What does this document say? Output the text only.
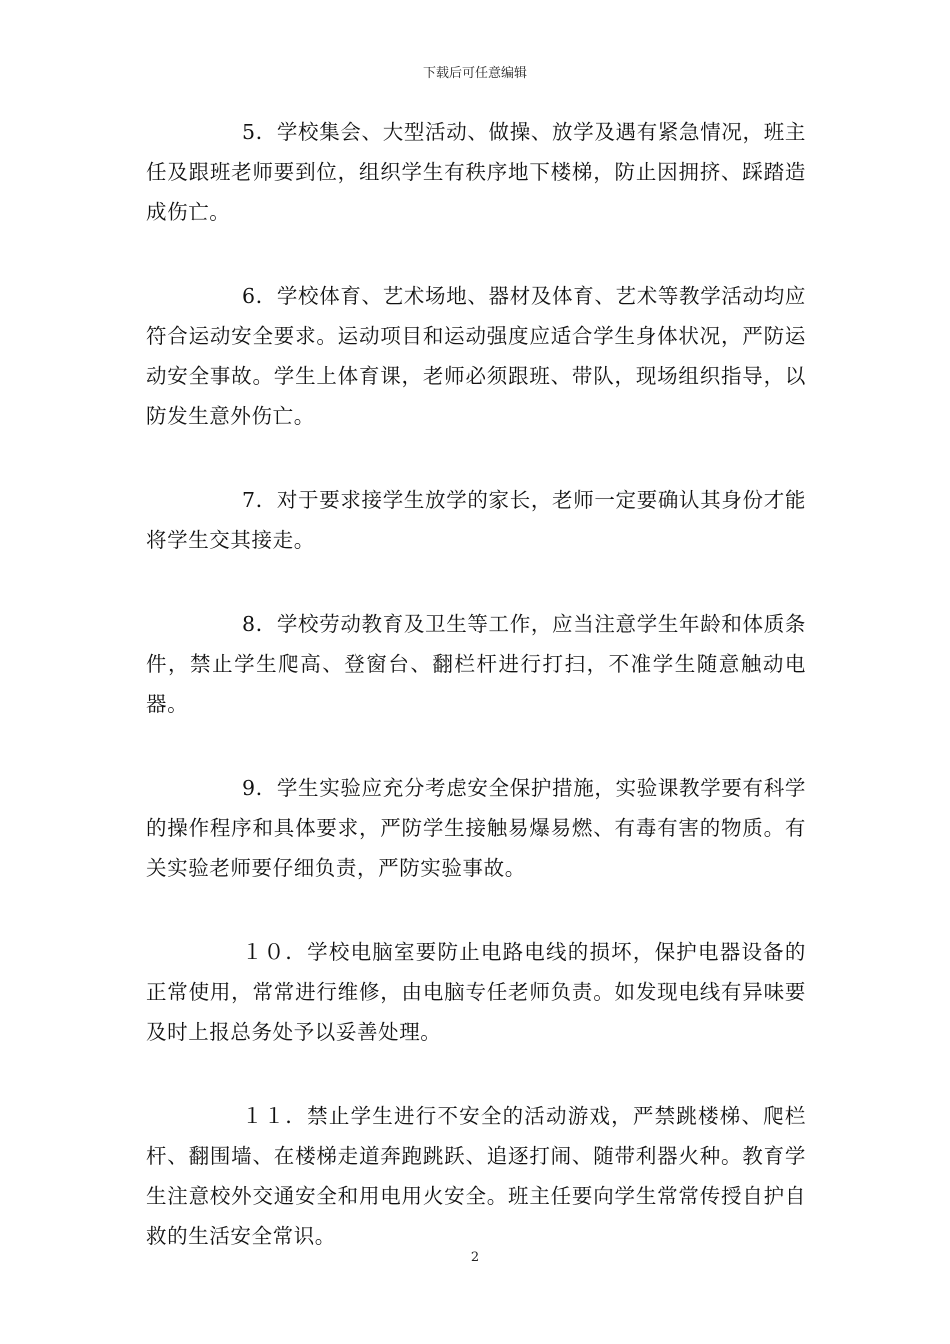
下载后可任意编辑

5．学校集会、大型活动、做操、放学及遇有紧急情况，班主任及跟班老师要到位，组织学生有秩序地下楼梯，防止因拥挤、踩踏造成伤亡。

6．学校体育、艺术场地、器材及体育、艺术等教学活动均应符合运动安全要求。运动项目和运动强度应适合学生身体状况，严防运动安全事故。学生上体育课，老师必须跟班、带队，现场组织指导，以防发生意外伤亡。

7．对于要求接学生放学的家长，老师一定要确认其身份才能将学生交其接走。

8．学校劳动教育及卫生等工作，应当注意学生年龄和体质条件，禁止学生爬高、登窗台、翻栏杆进行打扫，不准学生随意触动电器。

9．学生实验应充分考虑安全保护措施，实验课教学要有科学的操作程序和具体要求，严防学生接触易爆易燃、有毒有害的物质。有关实验老师要仔细负责，严防实验事故。

１０．学校电脑室要防止电路电线的损坏，保护电器设备的正常使用，常常进行维修，由电脑专任老师负责。如发现电线有异味要及时上报总务处予以妥善处理。

１１．禁止学生进行不安全的活动游戏，严禁跳楼梯、爬栏杆、翻围墙、在楼梯走道奔跑跳跃、追逐打闹、随带利器火种。教育学生注意校外交通安全和用电用火安全。班主任要向学生常常传授自护自救的生活安全常识。

2
